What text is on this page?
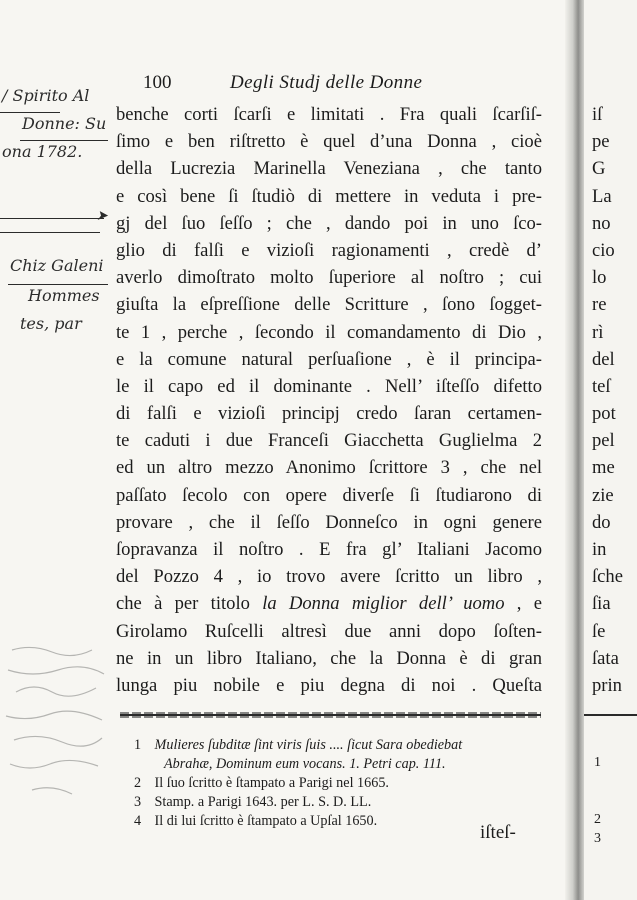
iſ
pe
G
La
no
cio
lo
re
rì
del
teſ
pot
pel
me
zie
do
in
ſche
ſia
ſe
ſata
prin
1
2
3
100	Degli Studj delle Donne
/ Spirito Al
Donne: Su
ona 1782.
➤
Chiz Galeni
Hommes
tes, par
benche corti ſcarſi e limitati . Fra quali ſcarſiſ-
ſimo e ben riſtretto è quel d’una Donna , cioè
della Lucrezia Marinella Veneziana , che tanto
e così bene ſi ſtudiò di mettere in veduta i pre-
gj del ſuo ſeſſo ; che , dando poi in uno ſco-
glio di falſi e vizioſi ragionamenti , credè d’
averlo dimoſtrato molto ſuperiore al noſtro ; cui
giuſta la eſpreſſione delle Scritture , ſono ſogget-
te 1 , perche , ſecondo il comandamento di Dio ,
e la comune natural perſuaſione , è il principa-
le il capo ed il dominante . Nell’ iſteſſo difetto
di falſi e vizioſi principj credo ſaran certamen-
te caduti i due Franceſi Giacchetta Guglielma 2
ed un altro mezzo Anonimo ſcrittore 3 , che nel
paſſato ſecolo con opere diverſe ſi ſtudiarono di
provare , che il ſeſſo Donneſco in ogni genere
ſopravanza il noſtro . E fra gl’ Italiani Jacomo
del Pozzo 4 , io trovo avere ſcritto un libro ,
che à per titolo la Donna miglior dell’ uomo , e
Girolamo Ruſcelli altresì due anni dopo ſoſten-
ne in un libro Italiano, che la Donna è di gran
lunga piu nobile e piu degna di noi . Queſta
1 Mulieres ſubditæ ſint viris ſuis .... ſicut Sara obediebat
Abrahæ, Dominum eum vocans. 1. Petri cap. 111.
2 Il ſuo ſcritto è ſtampato a Parigi nel 1665.
3 Stamp. a Parigi 1643. per L. S. D. LL.
4 Il di lui ſcritto è ſtampato a Upſal 1650.
iſteſ-
